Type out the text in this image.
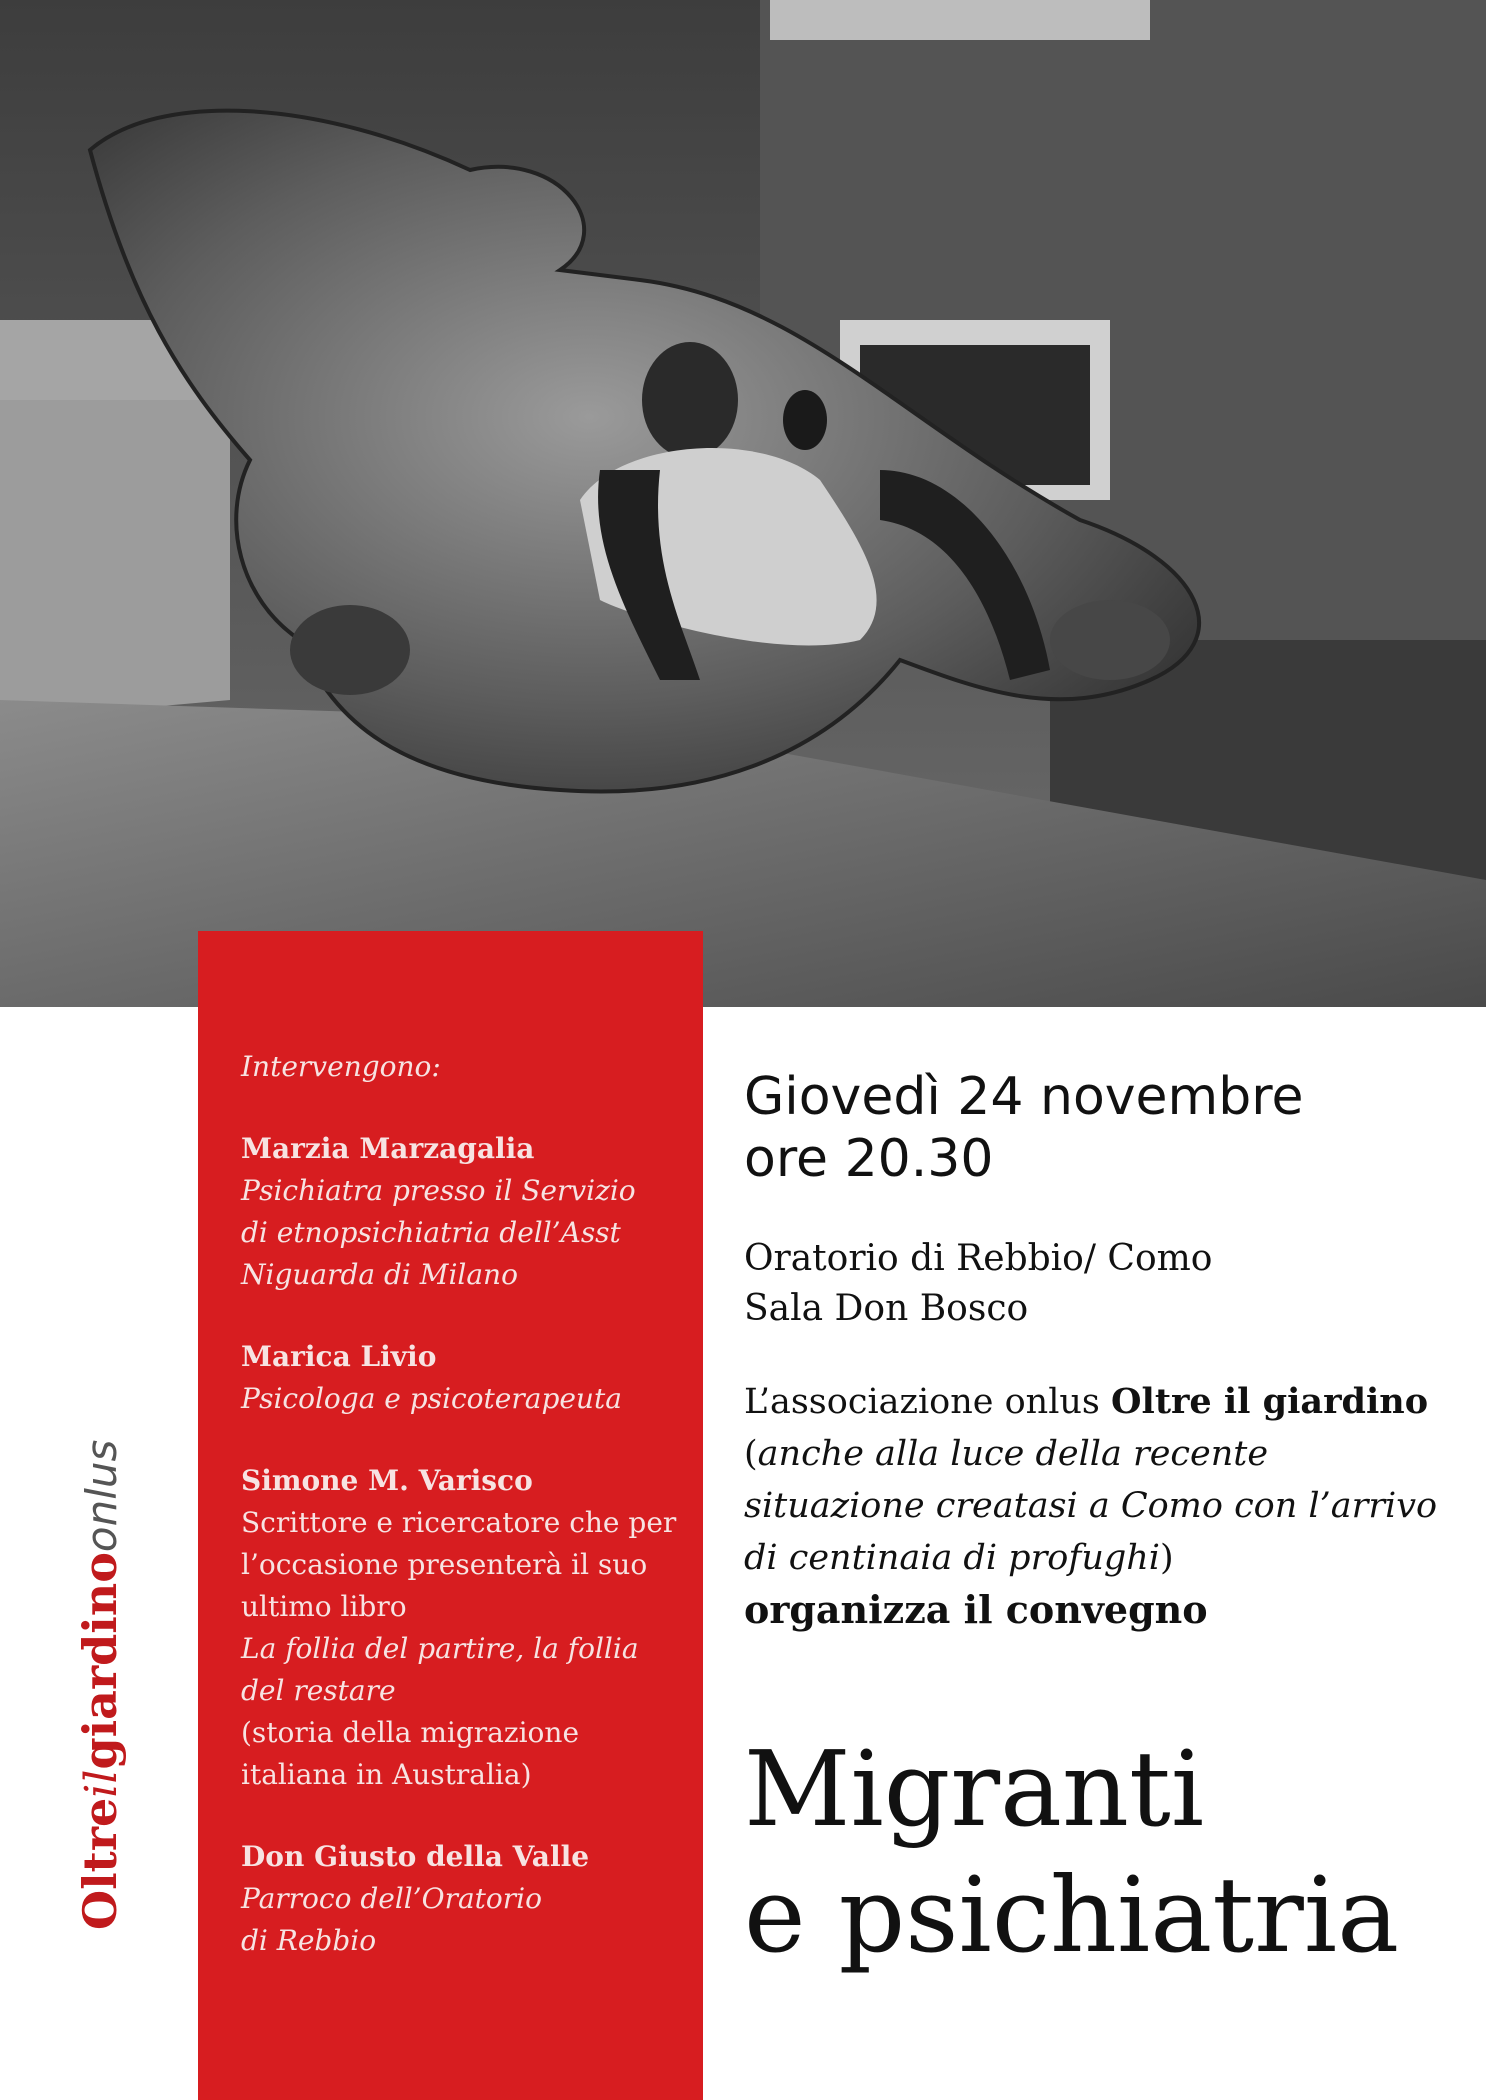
Intervengono:
Marzia Marzagalia
Psichiatra presso il Servizio
di etnopsichiatria dell’Asst
Niguarda di Milano
Marica Livio
Psicologa e psicoterapeuta
Simone M. Varisco
Scrittore e ricercatore che per
l’occasione presenterà il suo
ultimo libro
La follia del partire, la follia
del restare
(storia della migrazione
italiana in Australia)
Don Giusto della Valle
Parroco dell’Oratorio
di Rebbio
Oltreilgiardinoonlus
Giovedì 24 novembre
ore 20.30
Oratorio di Rebbio/ Como
Sala Don Bosco
L’associazione onlus Oltre il giardino
(anche alla luce della recente
situazione creatasi a Como con l’arrivo
di centinaia di profughi)
organizza il convegno
Migranti
e psichiatria
